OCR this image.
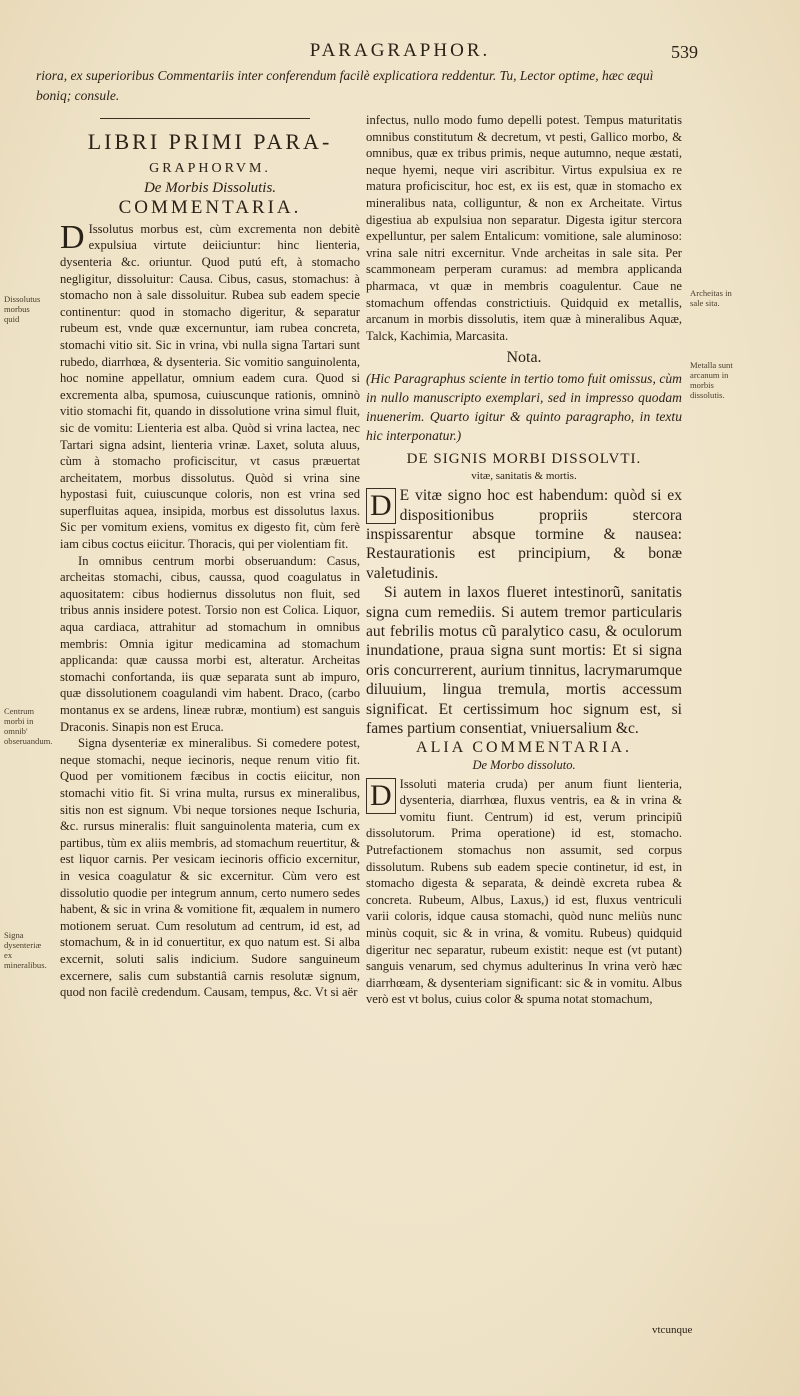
PARAGRAPHOR.	539
riora, ex superioribus Commentariis inter conferendum facilè explicatiora reddentur. Tu, Lector optime, hæc æquì boniq; consule.
LIBRI PRIMI PARA-
GRAPHORVM.
De Morbis Dissolutis.
COMMENTARIA.

D Issolutus morbus est, cùm excrementa non debitè expulsiua virtute deiiciuntur: hinc lienteria, dysenteria &c. oriuntur. Quod putú eft, à stomacho negligitur, dissoluitur: Causa. Cibus, casus, stomachus: à stomacho non à sale dissoluitur. Rubea sub eadem specie continentur: quod in stomacho digeritur, & separatur rubeum est, vnde quæ excernuntur, iam rubea concreta, stomachi vitio sit. Sic in vrina, vbi nulla signa Tartari sunt rubedo, diarrhœa, & dysenteria. Sic vomitio sanguinolenta, hoc nomine appellatur, omnium eadem cura. Quod si excrementa alba, spumosa, cuiuscunque rationis, omninò vitio stomachi fit, quando in dissolutione vrina simul fluit, sic de vomitu: Lienteria est alba. Quòd si vrina lactea, nec Tartari signa adsint, lienteria vrinæ. Laxet, soluta aluus, cùm à stomacho proficiscitur, vt casus præuertat archeitatem, morbus dissolutus. Quòd si vrina sine hypostasi fuit, cuiuscunque coloris, non est vrina sed superfluitas aquea, insipida, morbus est dissolutus laxus. Sic per vomitum exiens, vomitus ex digesto fit, cùm ferè iam cibus coctus eiicitur. Thoracis, qui per violentiam fit.

In omnibus centrum morbi obseruandum: Casus, archeitas stomachi, cibus, caussa, quod coagulatus in aquositatem: cibus hodiernus dissolutus non fluit, sed tribus annis insidere potest. Torsio non est Colica. Liquor, aqua cardiaca, attrahitur ad stomachum in omnibus membris: Omnia igitur medicamina ad stomachum applicanda: quæ caussa morbi est, alteratur. Archeitas stomachi confortanda, iis quæ separata sunt ab impuro, quæ dissolutionem coagulandi vim habent. Draco, (carbo montanus ex se ardens, lineæ rubræ, montium) est sanguis Draconis. Sinapis non est Eruca.

Signa dysenteriæ ex mineralibus. Si comedere potest, neque stomachi, neque iecinoris, neque renum vitio fit. Quod per vomitionem fæcibus in coctis eiicitur, non stomachi vitio fit. Si vrina multa, rursus ex mineralibus, sitis non est signum. Vbi neque torsiones neque Ischuria, &c. rursus mineralis: fluit sanguinolenta materia, cum ex partibus, tùm ex aliis membris, ad stomachum reuertitur, & est liquor carnis. Per vesicam iecinoris officio excernitur, in vesica coagulatur & sic excernitur. Cùm vero est dissolutio quodie per integrum annum, certo numero sedes habent, & sic in vrina & vomitione fit, æqualem in numero motionem seruat. Cum resolutum ad centrum, id est, ad stomachum, & in id conuertitur, ex quo natum est. Si alba excernit, soluti salis indicium. Sudore sanguineum excernere, salis cum substantiâ carnis resolutæ signum, quod non facilè credendum. Causam, tempus, &c. Vt si aër

infectus, nullo modo fumo depelli potest. Tempus maturitatis omnibus constitutum & decretum, vt pesti, Gallico morbo, & omnibus, quæ ex tribus primis, neque autumno, neque æstati, neque hyemi, neque viri ascribitur. Virtus expulsiua ex re matura proficiscitur, hoc est, ex iis est, quæ in stomacho ex mineralibus nata, colliguntur, & non ex Archeitate. Virtus digestiua ab expulsiua non separatur. Digesta igitur stercora expelluntur, per salem Entalicum: vomitione, sale aluminoso: vrina sale nitri excernitur. Vnde archeitas in sale sita. Per scammoneam perperam curamus: ad membra applicanda pharmaca, vt quæ in membris coagulentur. Caue ne stomachum offendas constrictiuis. Quidquid ex metallis, arcanum in morbis dissolutis, item quæ à mineralibus Aquæ, Talck, Kachimia, Marcasita.

Nota.

(Hic Paragraphus sciente in tertio tomo fuit omissus, cùm in nullo manuscripto exemplari, sed in impresso quodam inuenerim. Quarto igitur & quinto paragrapho, in textu hic interponatur.)

DE SIGNIS MORBI DISSOLVTI.
vitæ, sanitatis & mortis.

D E vitæ signo hoc est habendum: quòd si ex dispositionibus propriis stercora inspissarentur absque tormine & nausea: Restaurationis est principium, & bonæ valetudinis.

Si autem in laxos flueret intestinorũ, sanitatis signa cum remediis. Si autem tremor particularis aut febrilis motus cũ paralytico casu, & oculorum inundatione, praua signa sunt mortis: Et si signa oris concurrerent, aurium tinnitus, lacrymarumque diluuium, lingua tremula, mortis accessum significat. Et certissimum hoc signum est, si fames partium consentiat, vniuersalium &c.

ALIA COMMENTARIA.
De Morbo dissoluto.

D Issoluti materia cruda) per anum fiunt lienteria, dysenteria, diarrhœa, fluxus ventris, ea & in vrina & vomitu fiunt. Centrum) id est, verum principiũ dissolutorum. Prima operatione) id est, stomacho. Putrefactionem stomachus non assumit, sed corpus dissolutum. Rubens sub eadem specie continetur, id est, in stomacho digesta & separata, & deindè excreta rubea & concreta. Rubeum, Albus, Laxus,) id est, fluxus ventriculi varii coloris, idque causa stomachi, quòd nunc meliùs nunc minùs coquit, sic & in vrina, & vomitu. Rubeus) quidquid digeritur nec separatur, rubeum existit: neque est (vt putant) sanguis venarum, sed chymus adulterinus In vrina verò hæc diarrhœam, & dysenteriam significant: sic & in vomitu. Albus verò est vt bolus, cuius color & spuma notat stomachum,

Dissolutus morbus quid
Centrum morbi in omnib' obseruandum.
Signa dysenteriæ ex mineralibus.
Archeitas in sale sita.
Metalla sunt arcanum in morbis dissolutis.
vtcunque
